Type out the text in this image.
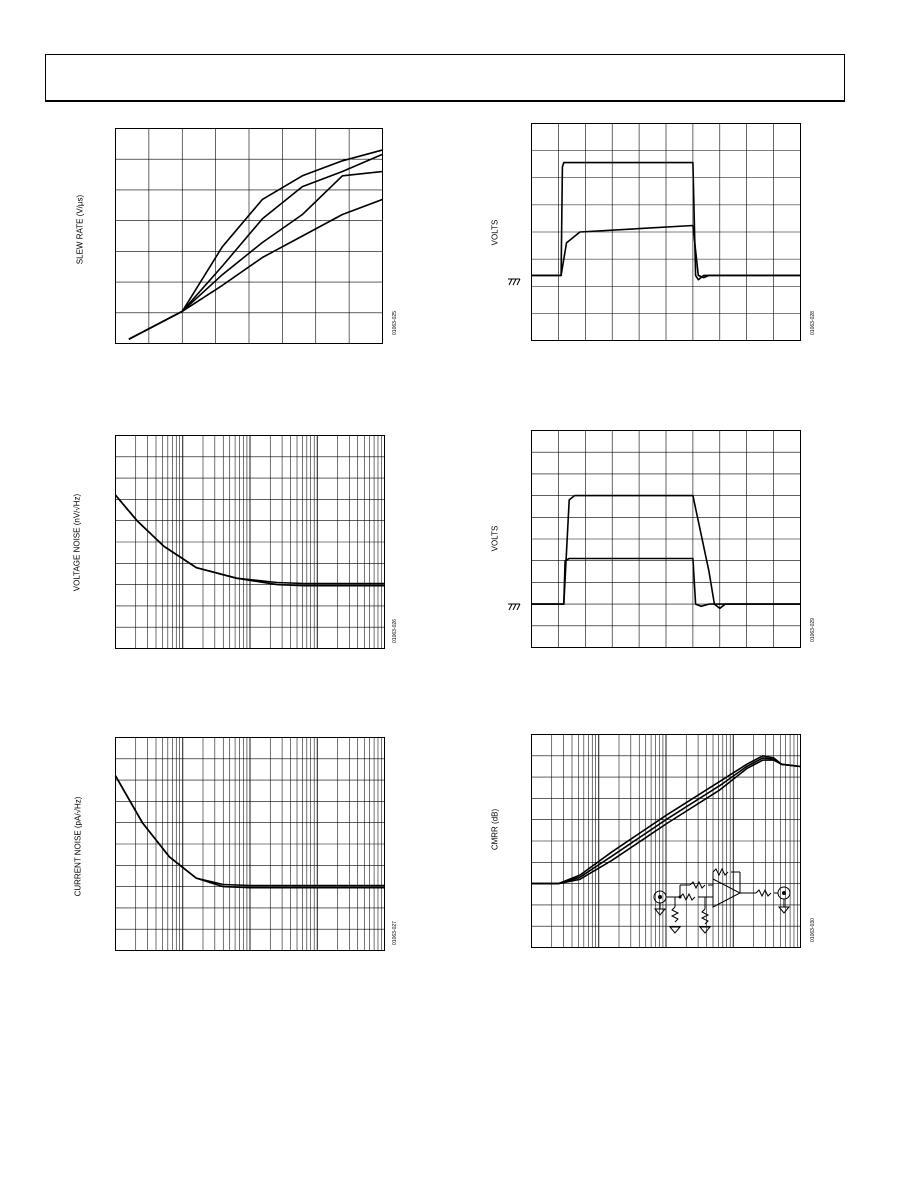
SLEW RATE (V/µs)
01063-025
VOLTS
01063-028
VOLTAGE NOISE (nV/√Hz)
01063-026
VOLTS
01063-029
CURRENT NOISE (pA/√Hz)
01063-027
CMRR (dB)
01063-030
